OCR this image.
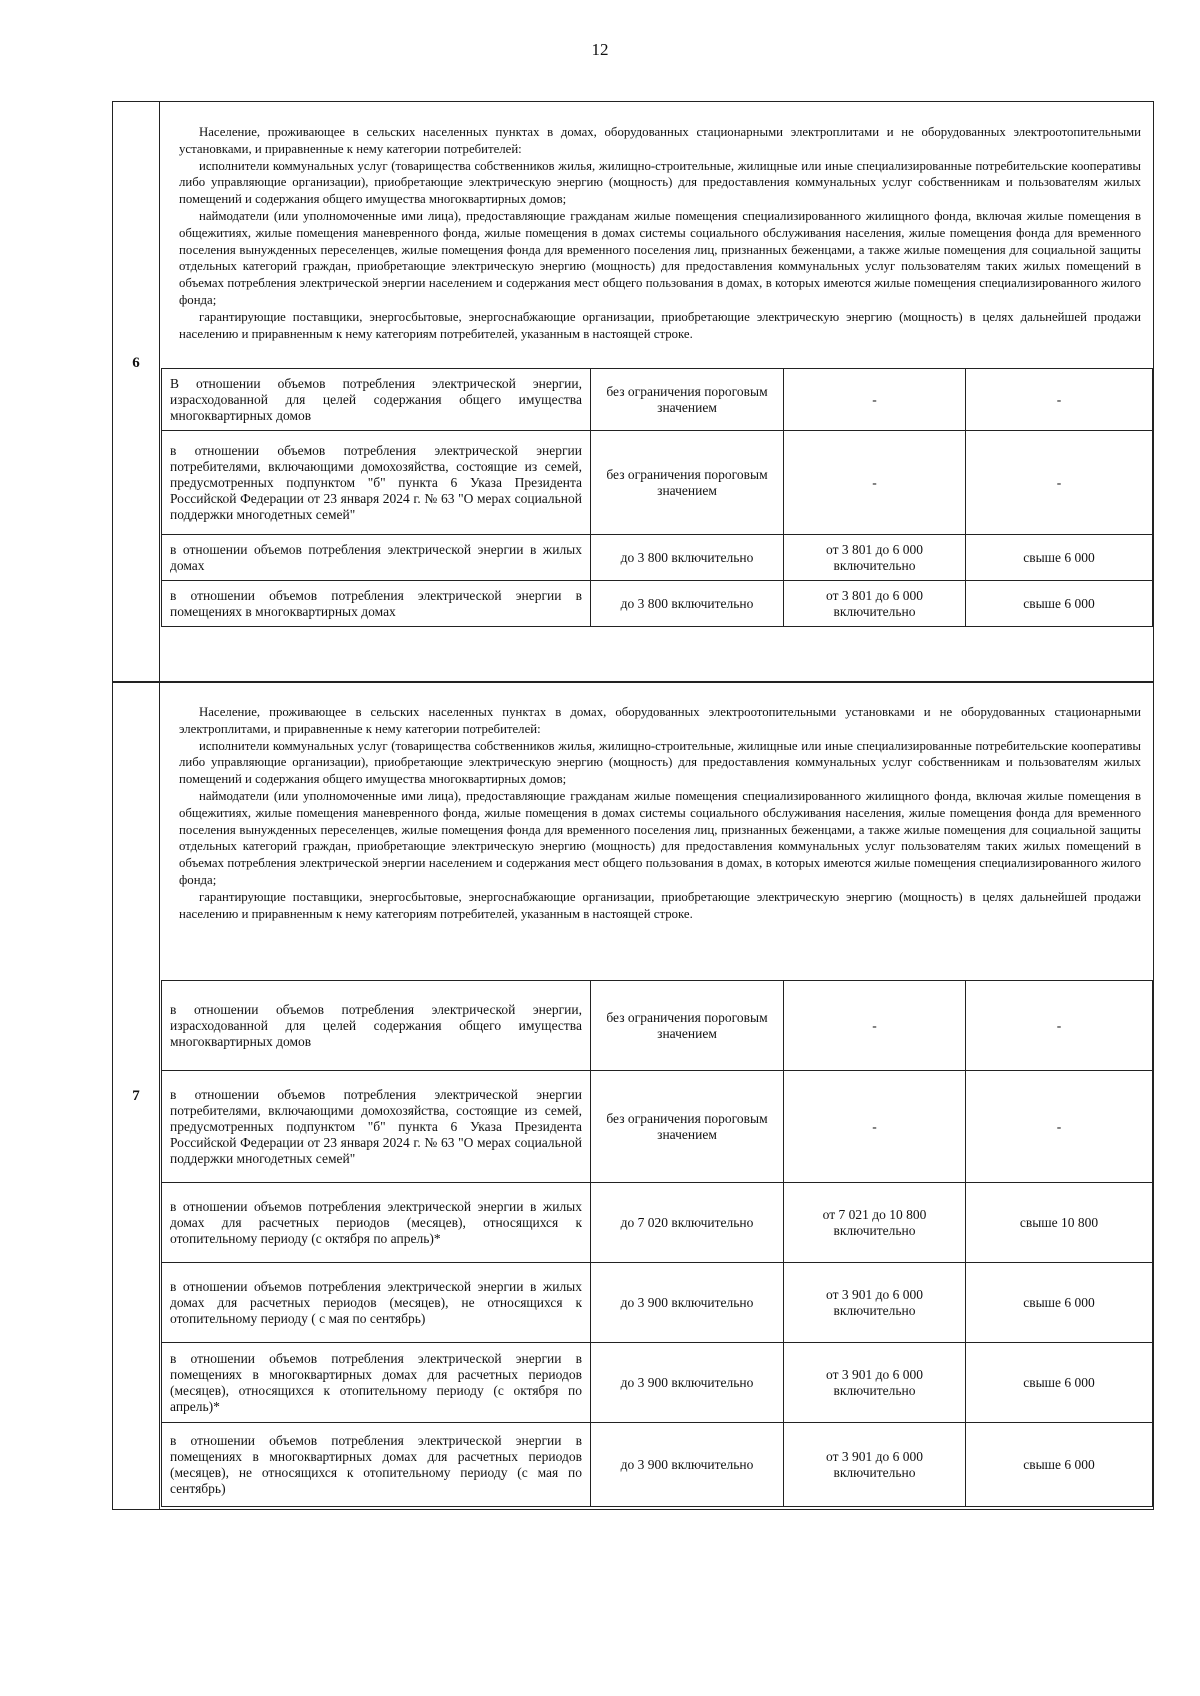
12
6

Население, проживающее в сельских населенных пунктах в домах, оборудованных стационарными электроплитами и не оборудованных электроотопительными установками, и приравненные к нему категории потребителей:

исполнители коммунальных услуг (товарищества собственников жилья, жилищно-строительные, жилищные или иные специализированные потребительские кооперативы либо управляющие организации), приобретающие электрическую энергию (мощность) для предоставления коммунальных услуг собственникам и пользователям жилых помещений и содержания общего имущества многоквартирных домов;

наймодатели (или уполномоченные ими лица), предоставляющие гражданам жилые помещения специализированного жилищного фонда, включая жилые помещения в общежитиях, жилые помещения маневренного фонда, жилые помещения в домах системы социального обслуживания населения, жилые помещения фонда для временного поселения вынужденных переселенцев, жилые помещения фонда для временного поселения лиц, признанных беженцами, а также жилые помещения для социальной защиты отдельных категорий граждан, приобретающие электрическую энергию (мощность) для предоставления коммунальных услуг пользователям таких жилых помещений в объемах потребления электрической энергии населением и содержания мест общего пользования в домах, в которых имеются жилые помещения специализированного жилого фонда;

гарантирующие поставщики, энергосбытовые, энергоснабжающие организации, приобретающие электрическую энергию (мощность) в целях дальнейшей продажи населению и приравненным к нему категориям потребителей, указанным в настоящей строке.

В отношении объемов потребления электрической энергии, израсходованной для целей содержания общего имущества многоквартирных домов	без ограничения пороговым значением	-	-
в отношении объемов потребления электрической энергии потребителями, включающими домохозяйства, состоящие из семей, предусмотренных подпунктом "б" пункта 6 Указа Президента Российской Федерации от 23 января 2024 г. № 63 "О мерах социальной поддержки многодетных семей"	без ограничения пороговым значением	-	-
в отношении объемов потребления электрической энергии в жилых домах	до 3 800 включительно	от 3 801 до 6 000 включительно	свыше 6 000
в отношении объемов потребления электрической энергии в помещениях в многоквартирных домах	до 3 800 включительно	от 3 801 до 6 000 включительно	свыше 6 000
7

Население, проживающее в сельских населенных пунктах в домах, оборудованных электроотопительными установками и не оборудованных стационарными электроплитами, и приравненные к нему категории потребителей:

исполнители коммунальных услуг (товарищества собственников жилья, жилищно-строительные, жилищные или иные специализированные потребительские кооперативы либо управляющие организации), приобретающие электрическую энергию (мощность) для предоставления коммунальных услуг собственникам и пользователям жилых помещений и содержания общего имущества многоквартирных домов;

наймодатели (или уполномоченные ими лица), предоставляющие гражданам жилые помещения специализированного жилищного фонда, включая жилые помещения в общежитиях, жилые помещения маневренного фонда, жилые помещения в домах системы социального обслуживания населения, жилые помещения фонда для временного поселения вынужденных переселенцев, жилые помещения фонда для временного поселения лиц, признанных беженцами, а также жилые помещения для социальной защиты отдельных категорий граждан, приобретающие электрическую энергию (мощность) для предоставления коммунальных услуг пользователям таких жилых помещений в объемах потребления электрической энергии населением и содержания мест общего пользования в домах, в которых имеются жилые помещения специализированного жилого фонда;

гарантирующие поставщики, энергосбытовые, энергоснабжающие организации, приобретающие электрическую энергию (мощность) в целях дальнейшей продажи населению и приравненным к нему категориям потребителей, указанным в настоящей строке.

в отношении объемов потребления электрической энергии, израсходованной для целей содержания общего имущества многоквартирных домов	без ограничения пороговым значением	-	-
в отношении объемов потребления электрической энергии потребителями, включающими домохозяйства, состоящие из семей, предусмотренных подпунктом "б" пункта 6 Указа Президента Российской Федерации от 23 января 2024 г. № 63 "О мерах социальной поддержки многодетных семей"	без ограничения пороговым значением	-	-
в отношении объемов потребления электрической энергии в жилых домах для расчетных периодов (месяцев), относящихся к отопительному периоду (с октября по апрель)*	до 7 020 включительно	от 7 021 до 10 800 включительно	свыше 10 800
в отношении объемов потребления электрической энергии в жилых домах для расчетных периодов (месяцев), не относящихся к отопительному периоду ( с мая по сентябрь)	до 3 900 включительно	от 3 901 до 6 000 включительно	свыше 6 000
в отношении объемов потребления электрической энергии в помещениях в многоквартирных домах для расчетных периодов (месяцев), относящихся к отопительному периоду (с октября по апрель)*	до 3 900 включительно	от 3 901 до 6 000 включительно	свыше 6 000
в отношении объемов потребления электрической энергии в помещениях в многоквартирных домах для расчетных периодов (месяцев), не относящихся к отопительному периоду (с мая по сентябрь)	до 3 900 включительно	от 3 901 до 6 000 включительно	свыше 6 000
